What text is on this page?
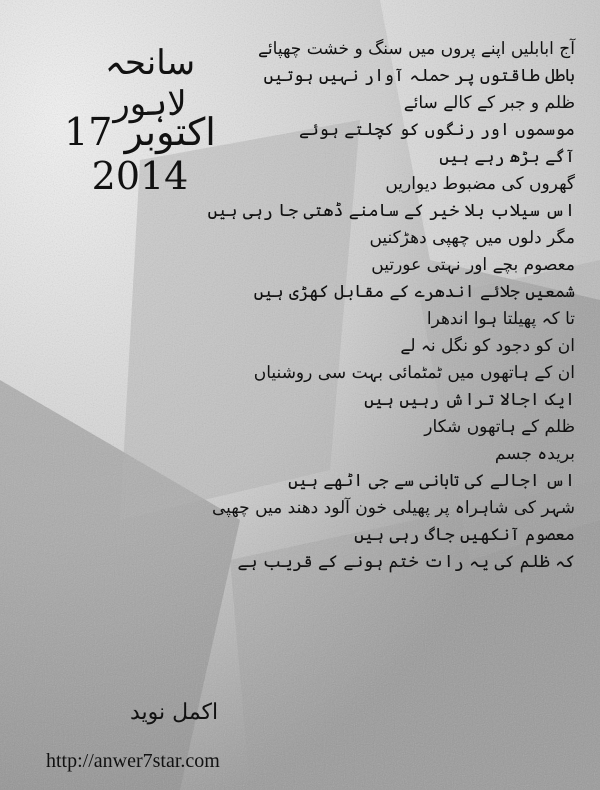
سانحہ لاہور
17 اکتوبر 2014
آج ابابلیں اپنے پروں میں سنگ و خشت چھپائے
باطل طاقتوں پر حملہ آوار نہیں ہوتیں
ظلم و جبر کے کالے سائے
موسموں اور رنگوں کو کچلتے ہوئے
آگے بڑھ رہے ہیں
گھروں کی مضبوط دیواریں
اس سیلاب بلا خیر کے سامنے ڈھتی جا رہی ہیں
مگر دلوں میں چھپی دھڑکنیں
معصوم بچے اور نہتی عورتیں
شمعیں جلائے اندھرے کے مقابل کھڑی ہیں
تا کہ پھیلتا ہوا اندھرا
ان کو دجود کو نگل نہ لے
ان کے ہاتھوں میں ٹمٹمائی بہت سی روشنیاں
ایک اجالا تراش رہیں ہیں
ظلم کے ہاتھوں شکار
بریدہ جسم
اس اجالے کی تابانی سے جی اٹھے ہیں
شہر کی شاہراہ پر پھیلی خون آلود دھند میں چھپی
معصوم آنکھیں جاگ رہی ہیں
کہ ظلم کی یہ رات ختم ہونے کے قریب ہے
اکمل نوید
http://anwer7star.com
